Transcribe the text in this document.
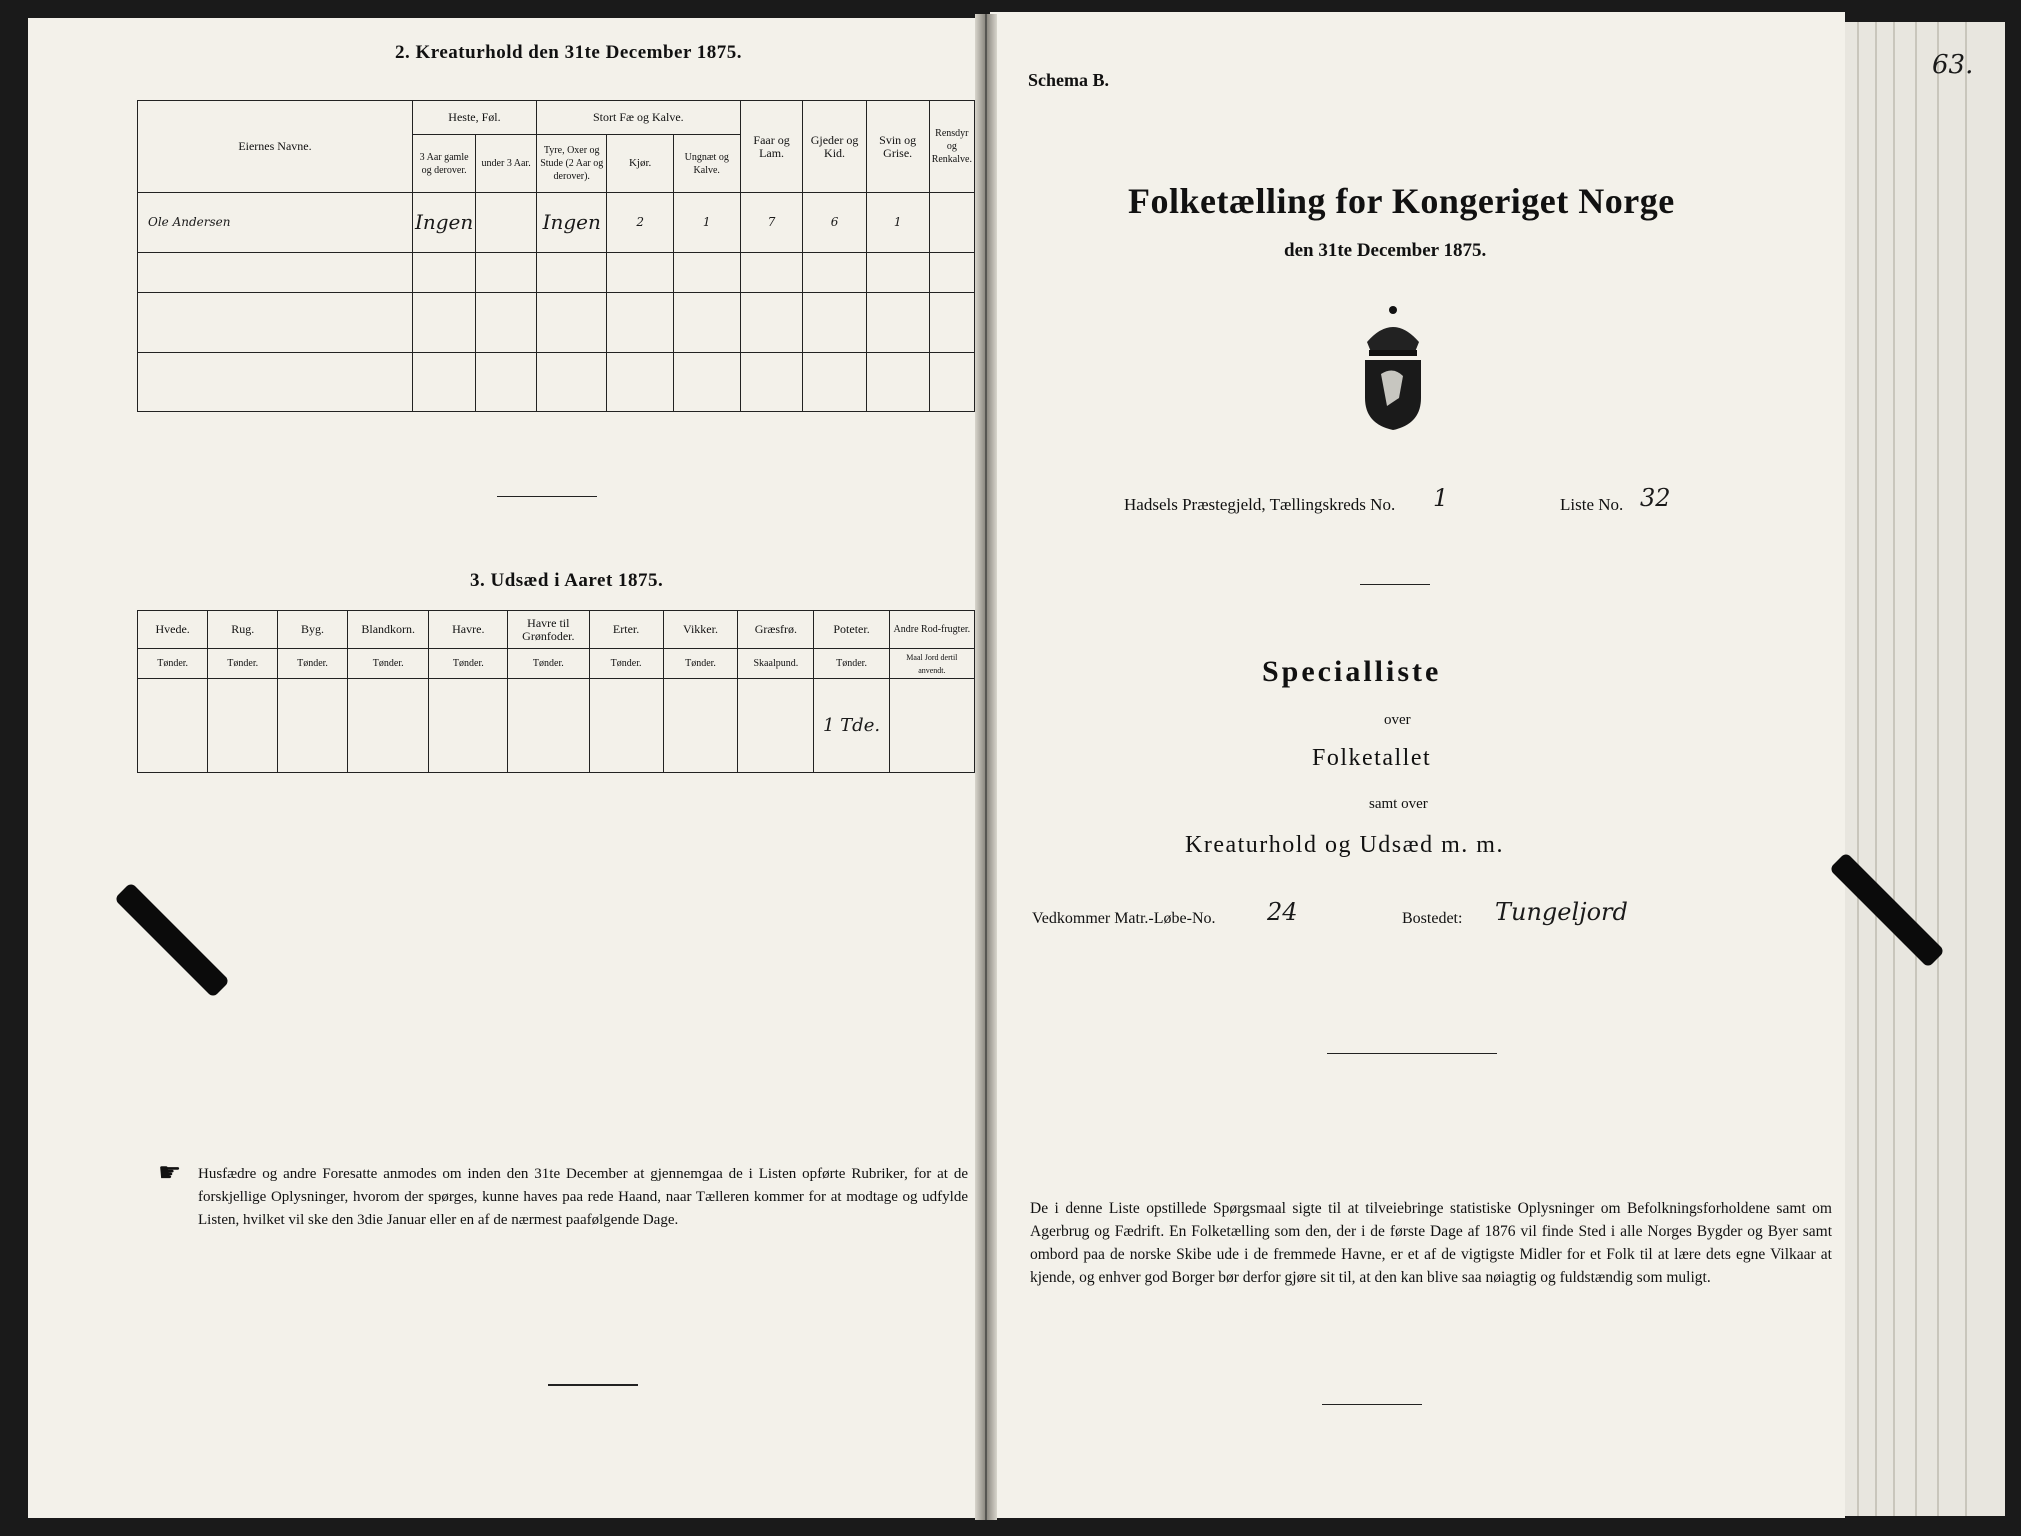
2. Kreaturhold den 31te December 1875.
Eiernes Navne.	Heste, Føl.		Stort Fæ og Kalve.			Faar og Lam.	Gjeder og Kid.	Svin og Grise.	Rensdyr og Renkalve.
	3 Aar gamle og derover.	under 3 Aar.	Tyre, Oxer og Stude (2 Aar og derover).	Kjør.	Ungnæt og Kalve.				
Ole Andersen	Ingen		Ingen	2	1	7	6	1	

3. Udsæd i Aaret 1875.
Hvede.	Rug.	Byg.	Blandkorn.	Havre.	Havre til Grønfoder.	Erter.	Vikker.	Græsfrø.	Poteter.	Andre Rod-frugter.
Tønder.	Tønder.	Tønder.	Tønder.	Tønder.	Tønder.	Tønder.	Tønder.	Skaalpund.	Tønder.	Maal Jord dertil anvendt.
									1 Tde.	
☛	Husfædre og andre Foresatte anmodes om inden den 31te December at gjennemgaa de i Listen opførte Rubriker, for at de forskjellige Oplysninger, hvorom der spørges, kunne haves paa rede Haand, naar Tælleren kommer for at modtage og udfylde Listen, hvilket vil ske den 3die Januar eller en af de nærmest paafølgende Dage.
Schema B.	63.
Folketælling for Kongeriget Norge
den 31te December 1875.
Hadsels Præstegjeld, Tællingskreds No. 1	Liste No. 32
Specialliste
over
Folketallet
samt over
Kreaturhold og Udsæd m. m.
Vedkommer Matr.-Løbe-No. 24	Bostedet: Tungeljord
De i denne Liste opstillede Spørgsmaal sigte til at tilveiebringe statistiske Oplysninger om Befolkningsforholdene samt om Agerbrug og Fædrift. En Folketælling som den, der i de første Dage af 1876 vil finde Sted i alle Norges Bygder og Byer samt ombord paa de norske Skibe ude i de fremmede Havne, er et af de vigtigste Midler for et Folk til at lære dets egne Vilkaar at kjende, og enhver god Borger bør derfor gjøre sit til, at den kan blive saa nøiagtig og fuldstændig som muligt.
